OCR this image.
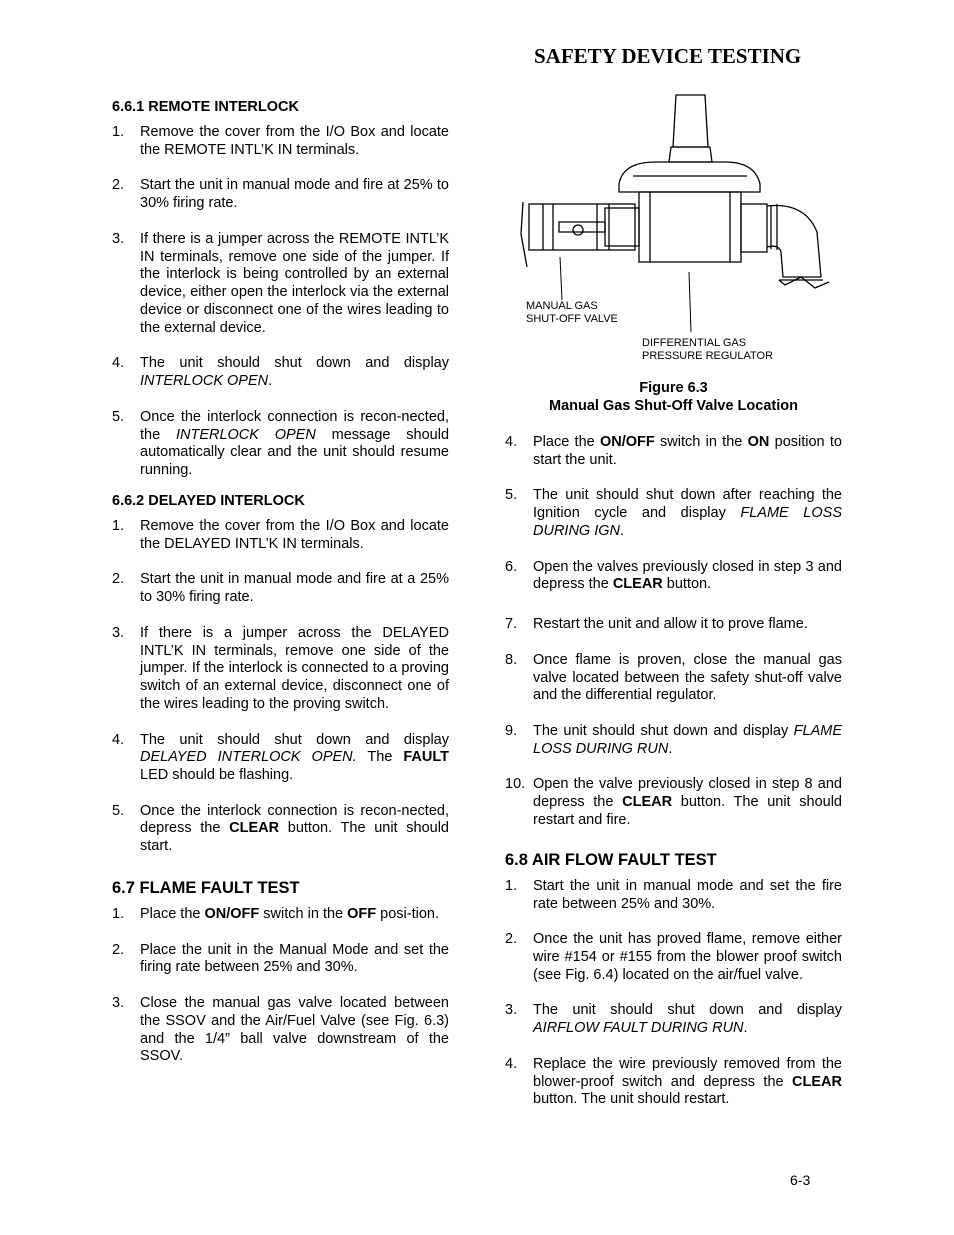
SAFETY DEVICE TESTING
6.6.1 REMOTE INTERLOCK
1. Remove the cover from the I/O Box and locate the REMOTE INTL’K IN terminals.
2. Start the unit in manual mode and fire at 25% to 30% firing rate.
3. If there is a jumper across the REMOTE INTL’K IN terminals, remove one side of the jumper. If the interlock is being controlled by an external device, either open the interlock via the external device or disconnect one of the wires leading to the external device.
4. The unit should shut down and display INTERLOCK OPEN.
5. Once the interlock connection is recon-nected, the INTERLOCK OPEN message should automatically clear and the unit should resume running.
6.6.2 DELAYED INTERLOCK
1. Remove the cover from the I/O Box and locate the DELAYED INTL’K IN terminals.
2. Start the unit in manual mode and fire at a 25% to 30% firing rate.
3. If there is a jumper across the DELAYED INTL’K IN terminals, remove one side of the jumper. If the interlock is connected to a proving switch of an external device, disconnect one of the wires leading to the proving switch.
4. The unit should shut down and display DELAYED INTERLOCK OPEN. The FAULT LED should be flashing.
5. Once the interlock connection is recon-nected, depress the CLEAR button. The unit should start.
6.7 FLAME FAULT TEST
1. Place the ON/OFF switch in the OFF posi-tion.
2. Place the unit in the Manual Mode and set the firing rate between 25% and 30%.
3. Close the manual gas valve located between the SSOV and the Air/Fuel Valve (see Fig. 6.3) and the 1/4” ball valve downstream of the SSOV.
MANUAL GAS
SHUT-OFF VALVE
DIFFERENTIAL GAS
PRESSURE REGULATOR
Figure 6.3
Manual Gas Shut-Off Valve Location
4. Place the ON/OFF switch in the ON position to start the unit.
5. The unit should shut down after reaching the Ignition cycle and display FLAME LOSS DURING IGN.
6. Open the valves previously closed in step 3 and depress the CLEAR button.
7. Restart the unit and allow it to prove flame.
8. Once flame is proven, close the manual gas valve located between the safety shut-off valve and the differential regulator.
9. The unit should shut down and display FLAME LOSS DURING RUN.
10. Open the valve previously closed in step 8 and depress the CLEAR button. The unit should restart and fire.
6.8 AIR FLOW FAULT TEST
1. Start the unit in manual mode and set the fire rate between 25% and 30%.
2. Once the unit has proved flame, remove either wire #154 or #155 from the blower proof switch (see Fig. 6.4) located on the air/fuel valve.
3. The unit should shut down and display AIRFLOW FAULT DURING RUN.
4. Replace the wire previously removed from the blower-proof switch and depress the CLEAR button. The unit should restart.
6-3
